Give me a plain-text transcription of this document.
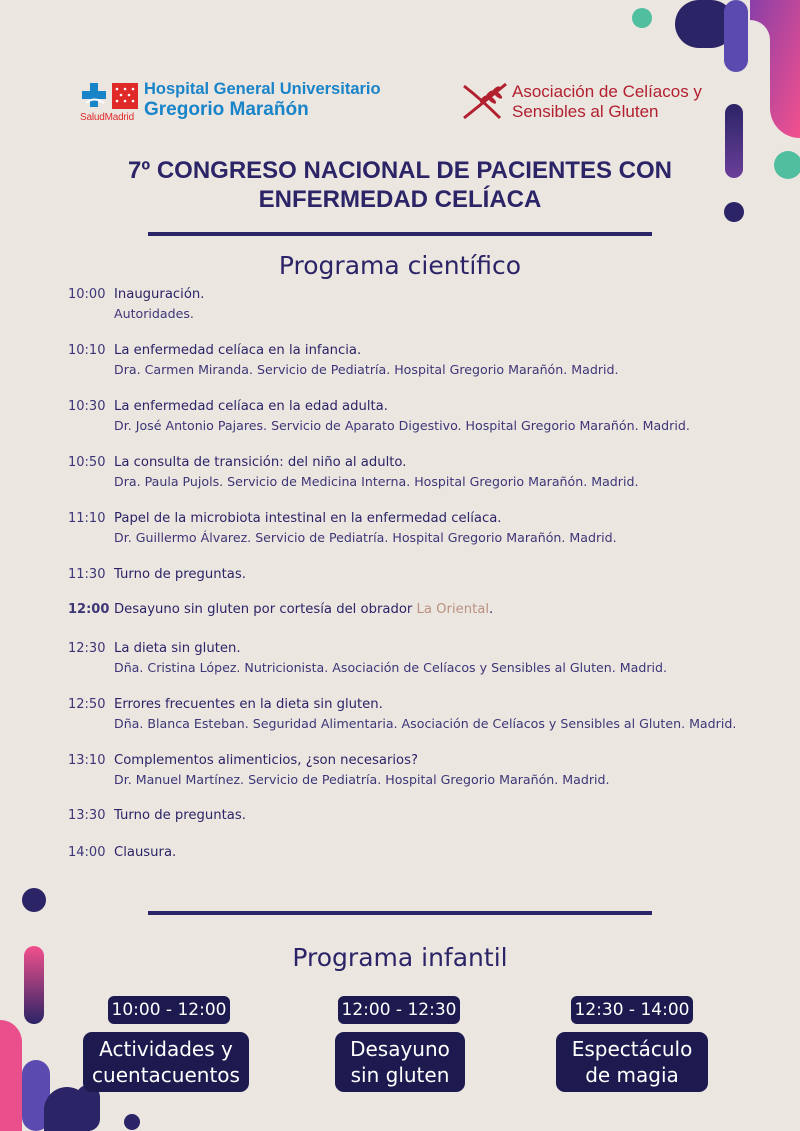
SaludMadrid
Hospital General Universitario
Gregorio Marañón
Asociación de Celíacos y
Sensibles al Gluten
7º CONGRESO NACIONAL DE PACIENTES CON
ENFERMEDAD CELÍACA
Programa científico
10:00 Inauguración.
Autoridades.
10:10 La enfermedad celíaca en la infancia.
Dra. Carmen Miranda. Servicio de Pediatría. Hospital Gregorio Marañón. Madrid.
10:30 La enfermedad celíaca en la edad adulta.
Dr. José Antonio Pajares. Servicio de Aparato Digestivo. Hospital Gregorio Marañón. Madrid.
10:50 La consulta de transición: del niño al adulto.
Dra. Paula Pujols. Servicio de Medicina Interna. Hospital Gregorio Marañón. Madrid.
11:10 Papel de la microbiota intestinal en la enfermedad celíaca.
Dr. Guillermo Álvarez. Servicio de Pediatría. Hospital Gregorio Marañón. Madrid.
11:30 Turno de preguntas.
12:00 Desayuno sin gluten por cortesía del obrador La Oriental.
12:30 La dieta sin gluten.
Dña. Cristina López. Nutricionista. Asociación de Celíacos y Sensibles al Gluten. Madrid.
12:50 Errores frecuentes en la dieta sin gluten.
Dña. Blanca Esteban. Seguridad Alimentaria. Asociación de Celíacos y Sensibles al Gluten. Madrid.
13:10 Complementos alimenticios, ¿son necesarios?
Dr. Manuel Martínez. Servicio de Pediatría. Hospital Gregorio Marañón. Madrid.
13:30 Turno de preguntas.
14:00 Clausura.
Programa infantil
10:00 - 12:00
Actividades y
cuentacuentos
12:00 - 12:30
Desayuno
sin gluten
12:30 - 14:00
Espectáculo
de magia
